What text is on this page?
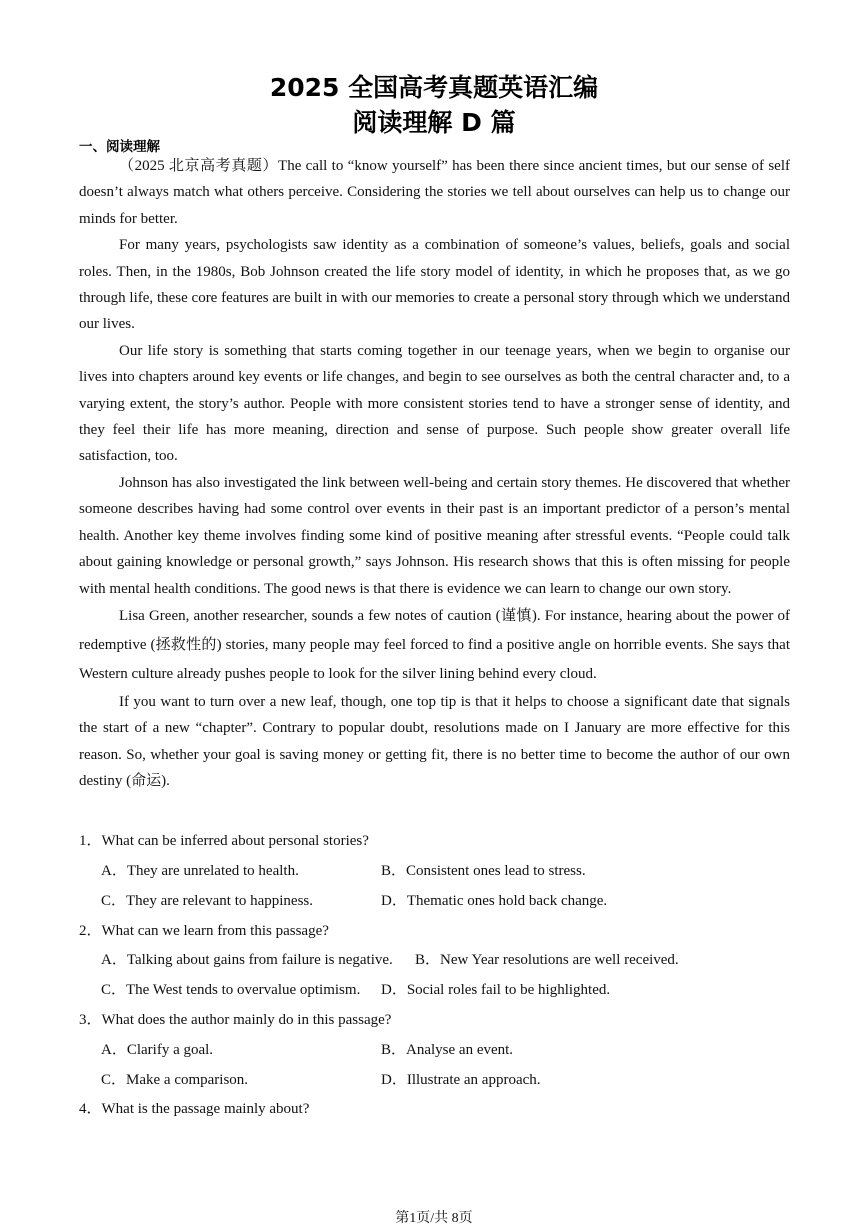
2025 全国高考真题英语汇编
阅读理解 D 篇
一、阅读理解

（2025 北京高考真题）The call to “know yourself” has been there since ancient times, but our sense of self doesn’t always match what others perceive. Considering the stories we tell about ourselves can help us to change our minds for better.

For many years, psychologists saw identity as a combination of someone’s values, beliefs, goals and social roles. Then, in the 1980s, Bob Johnson created the life story model of identity, in which he proposes that, as we go through life, these core features are built in with our memories to create a personal story through which we understand our lives.

Our life story is something that starts coming together in our teenage years, when we begin to organise our lives into chapters around key events or life changes, and begin to see ourselves as both the central character and, to a varying extent, the story’s author. People with more consistent stories tend to have a stronger sense of identity, and they feel their life has more meaning, direction and sense of purpose. Such people show greater overall life satisfaction, too.

Johnson has also investigated the link between well-being and certain story themes. He discovered that whether someone describes having had some control over events in their past is an important predictor of a person’s mental health. Another key theme involves finding some kind of positive meaning after stressful events. “People could talk about gaining knowledge or personal growth,” says Johnson. His research shows that this is often missing for people with mental health conditions. The good news is that there is evidence we can learn to change our own story.

Lisa Green, another researcher, sounds a few notes of caution (谨慎). For instance, hearing about the power of redemptive (拯救性的) stories, many people may feel forced to find a positive angle on horrible events. She says that Western culture already pushes people to look for the silver lining behind every cloud.

If you want to turn over a new leaf, though, one top tip is that it helps to choose a significant date that signals the start of a new “chapter”. Contrary to popular doubt, resolutions made on I January are more effective for this reason. So, whether your goal is saving money or getting fit, there is no better time to become the author of our own destiny (命运).

1．What can be inferred about personal stories?
A．They are unrelated to health.	B．Consistent ones lead to stress.
C．They are relevant to happiness.	D．Thematic ones hold back change.
2．What can we learn from this passage?
A．Talking about gains from failure is negative. B．New Year resolutions are well received.
C．The West tends to overvalue optimism. D．Social roles fail to be highlighted.
3．What does the author mainly do in this passage?
A．Clarify a goal.	B．Analyse an event.
C．Make a comparison.	D．Illustrate an approach.
4．What is the passage mainly about?
第1页/共 8页
